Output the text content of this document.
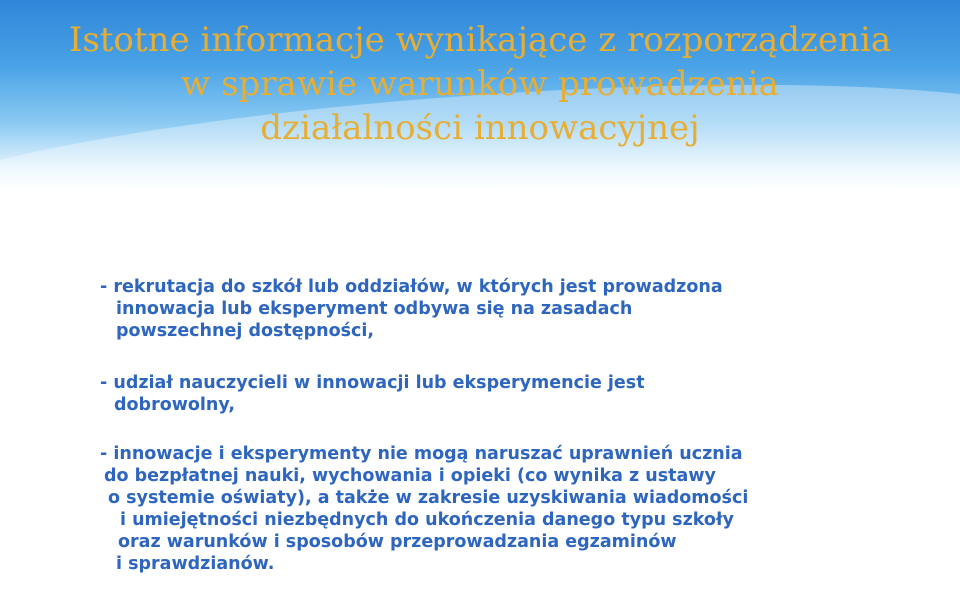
Istotne informacje wynikające z rozporządzenia
w sprawie warunków prowadzenia
działalności innowacyjnej

- rekrutacja do szkół lub oddziałów, w których jest prowadzona

innowacja lub eksperyment odbywa się na zasadach

powszechnej dostępności,

- udział nauczycieli w innowacji lub eksperymencie jest

dobrowolny,

- innowacje i eksperymenty nie mogą naruszać uprawnień ucznia

do bezpłatnej nauki, wychowania i opieki (co wynika z ustawy

o systemie oświaty), a także w zakresie uzyskiwania wiadomości

i umiejętności niezbędnych do ukończenia danego typu szkoły

oraz warunków i sposobów przeprowadzania egzaminów

i sprawdzianów.
